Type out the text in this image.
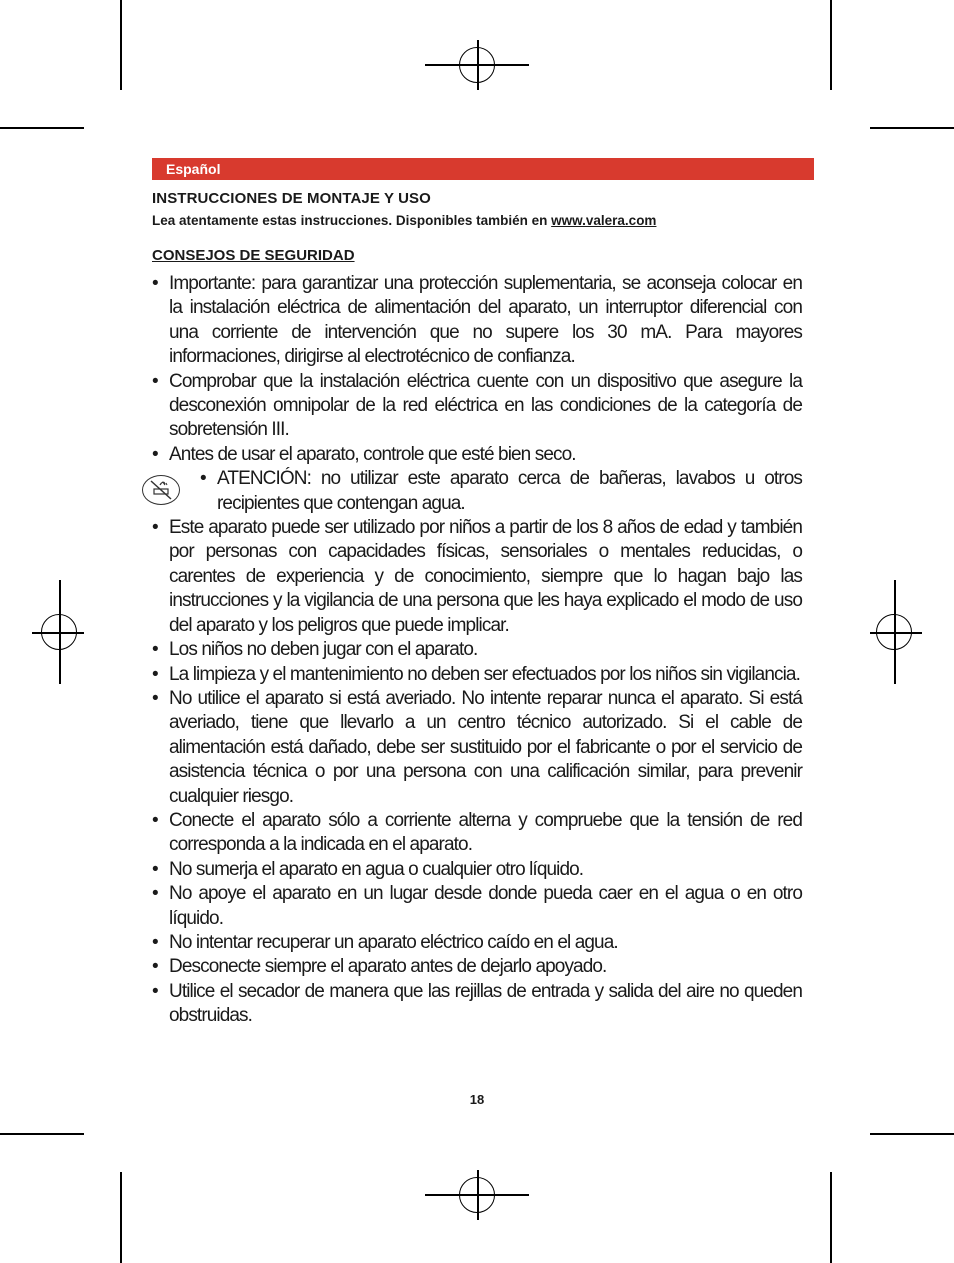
Español
INSTRUCCIONES DE MONTAJE Y USO
Lea atentamente estas instrucciones. Disponibles también en www.valera.com
CONSEJOS DE SEGURIDAD
• Importante: para garantizar una protección suplementaria, se aconseja colocar en la instalación eléctrica de alimentación del aparato, un interruptor diferencial con una corriente de intervención que no supere los 30 mA. Para mayores informaciones, dirigirse al electrotécnico de confianza.
• Comprobar que la instalación eléctrica cuente con un dispositivo que asegure la desconexión omnipolar de la red eléctrica en las condiciones de la categoría de sobretensión III.
• Antes de usar el aparato, controle que esté bien seco.
• ATENCIÓN: no utilizar este aparato cerca de bañeras, lavabos u otros recipientes que contengan agua.
• Este aparato puede ser utilizado por niños a partir de los 8 años de edad y también por personas con capacidades físicas, sensoriales o mentales reducidas, o carentes de experiencia y de conocimiento, siempre que lo hagan bajo las instrucciones y la vigilancia de una persona que les haya explicado el modo de uso del aparato y los peligros que puede implicar.
• Los niños no deben jugar con el aparato.
• La limpieza y el mantenimiento no deben ser efectuados por los niños sin vigilancia.
• No utilice el aparato si está averiado. No intente reparar nunca el aparato. Si está averiado, tiene que llevarlo a un centro técnico autorizado. Si el cable de alimentación está dañado, debe ser sustituido por el fabricante o por el servicio de asistencia técnica o por una persona con una calificación similar, para prevenir cualquier riesgo.
• Conecte el aparato sólo a corriente alterna y compruebe que la tensión de red corresponda a la indicada en el aparato.
• No sumerja el aparato en agua o cualquier otro líquido.
• No apoye el aparato en un lugar desde donde pueda caer en el agua o en otro líquido.
• No intentar recuperar un aparato eléctrico caído en el agua.
• Desconecte siempre el aparato antes de dejarlo apoyado.
• Utilice el secador de manera que las rejillas de entrada y salida del aire no queden obstruidas.
18
